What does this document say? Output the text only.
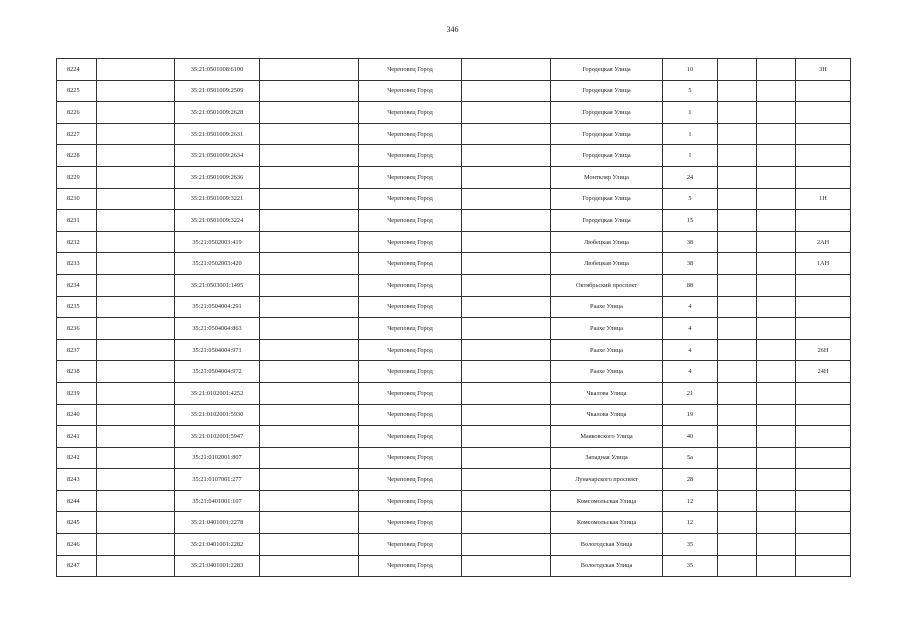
346
8224		35:21:0501008:6100		Череповец Город		Городецкая Улица	10			3Н
8225		35:21:0501009:2509		Череповец Город		Городецкая Улица	5			
8226		35:21:0501009:2628		Череповец Город		Городецкая Улица	1			
8227		35:21:0501009:2631		Череповец Город		Городецкая Улица	1			
8228		35:21:0501009:2634		Череповец Город		Городецкая Улица	1			
8229		35:21:0501009:2636		Череповец Город		Монткляр Улица	24			
8230		35:21:0501009:3221		Череповец Город		Городецкая Улица	5			1Н
8231		35:21:0501009:3224		Череповец Город		Городецкая Улица	15			
8232		35:21:0502003:419		Череповец Город		Любецкая Улица	38			2АН
8233		35:21:0502003:420		Череповец Город		Любецкая Улица	38			1АН
8234		35:21:0503001:1495		Череповец Город		Октябрьский проспект	88			
8235		35:21:0504004:291		Череповец Город		Раахе Улица	4			
8236		35:21:0504004:863		Череповец Город		Раахе Улица	4			
8237		35:21:0504004:971		Череповец Город		Раахе Улица	4			26Н
8238		35:21:0504004:972		Череповец Город		Раахе Улица	4			24Н
8239		35:21:0102001:4252		Череповец Город		Чкалова Улица	21			
8240		35:21:0102001:5930		Череповец Город		Чкалова Улица	19			
8241		35:21:0102001:5947		Череповец Город		Маяковского Улица	40			
8242		35:21:0102001:807		Череповец Город		Западная Улица	5а			
8243		35:21:0107001:277		Череповец Город		Луначарского проспект	28			
8244		35:21:0401001:107		Череповец Город		Комсомольская Улица	12			
8245		35:21:0401001:2278		Череповец Город		Комсомольская Улица	12			
8246		35:21:0401001:2282		Череповец Город		Вологодская Улица	35			
8247		35:21:0401001:2283		Череповец Город		Вологодская Улица	35			
